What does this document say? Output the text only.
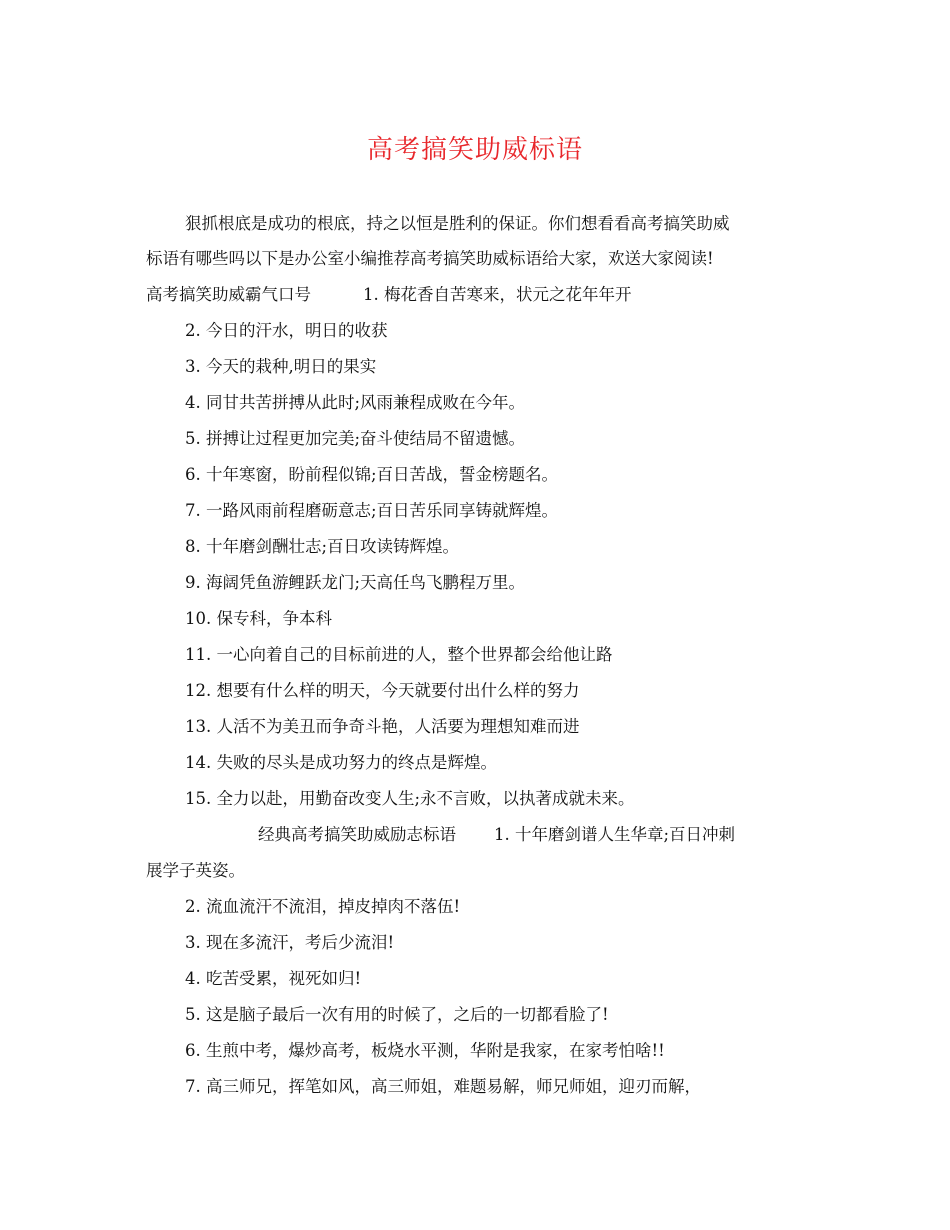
高考搞笑助威标语
狠抓根底是成功的根底，持之以恒是胜利的保证。你们想看看高考搞笑助威
标语有哪些吗以下是办公室小编推荐高考搞笑助威标语给大家，欢送大家阅读!
高考搞笑助威霸气口号	1. 梅花香自苦寒来，状元之花年年开
2. 今日的汗水，明日的收获
3. 今天的栽种,明日的果实
4. 同甘共苦拼搏从此时;风雨兼程成败在今年。
5. 拼搏让过程更加完美;奋斗使结局不留遗憾。
6. 十年寒窗，盼前程似锦;百日苦战，誓金榜题名。
7. 一路风雨前程磨砺意志;百日苦乐同享铸就辉煌。
8. 十年磨剑酬壮志;百日攻读铸辉煌。
9. 海阔凭鱼游鲤跃龙门;天高任鸟飞鹏程万里。
10. 保专科，争本科
11. 一心向着自己的目标前进的人，整个世界都会给他让路
12. 想要有什么样的明天，今天就要付出什么样的努力
13. 人活不为美丑而争奇斗艳，人活要为理想知难而进
14. 失败的尽头是成功努力的终点是辉煌。
15. 全力以赴，用勤奋改变人生;永不言败，以执著成就未来。
经典高考搞笑助威励志标语 1. 十年磨剑谱人生华章;百日冲刺
展学子英姿。
2. 流血流汗不流泪，掉皮掉肉不落伍!
3. 现在多流汗，考后少流泪!
4. 吃苦受累，视死如归!
5. 这是脑子最后一次有用的时候了，之后的一切都看脸了!
6. 生煎中考，爆炒高考，板烧水平测，华附是我家，在家考怕啥!!
7. 高三师兄，挥笔如风，高三师姐，难题易解，师兄师姐，迎刃而解，
